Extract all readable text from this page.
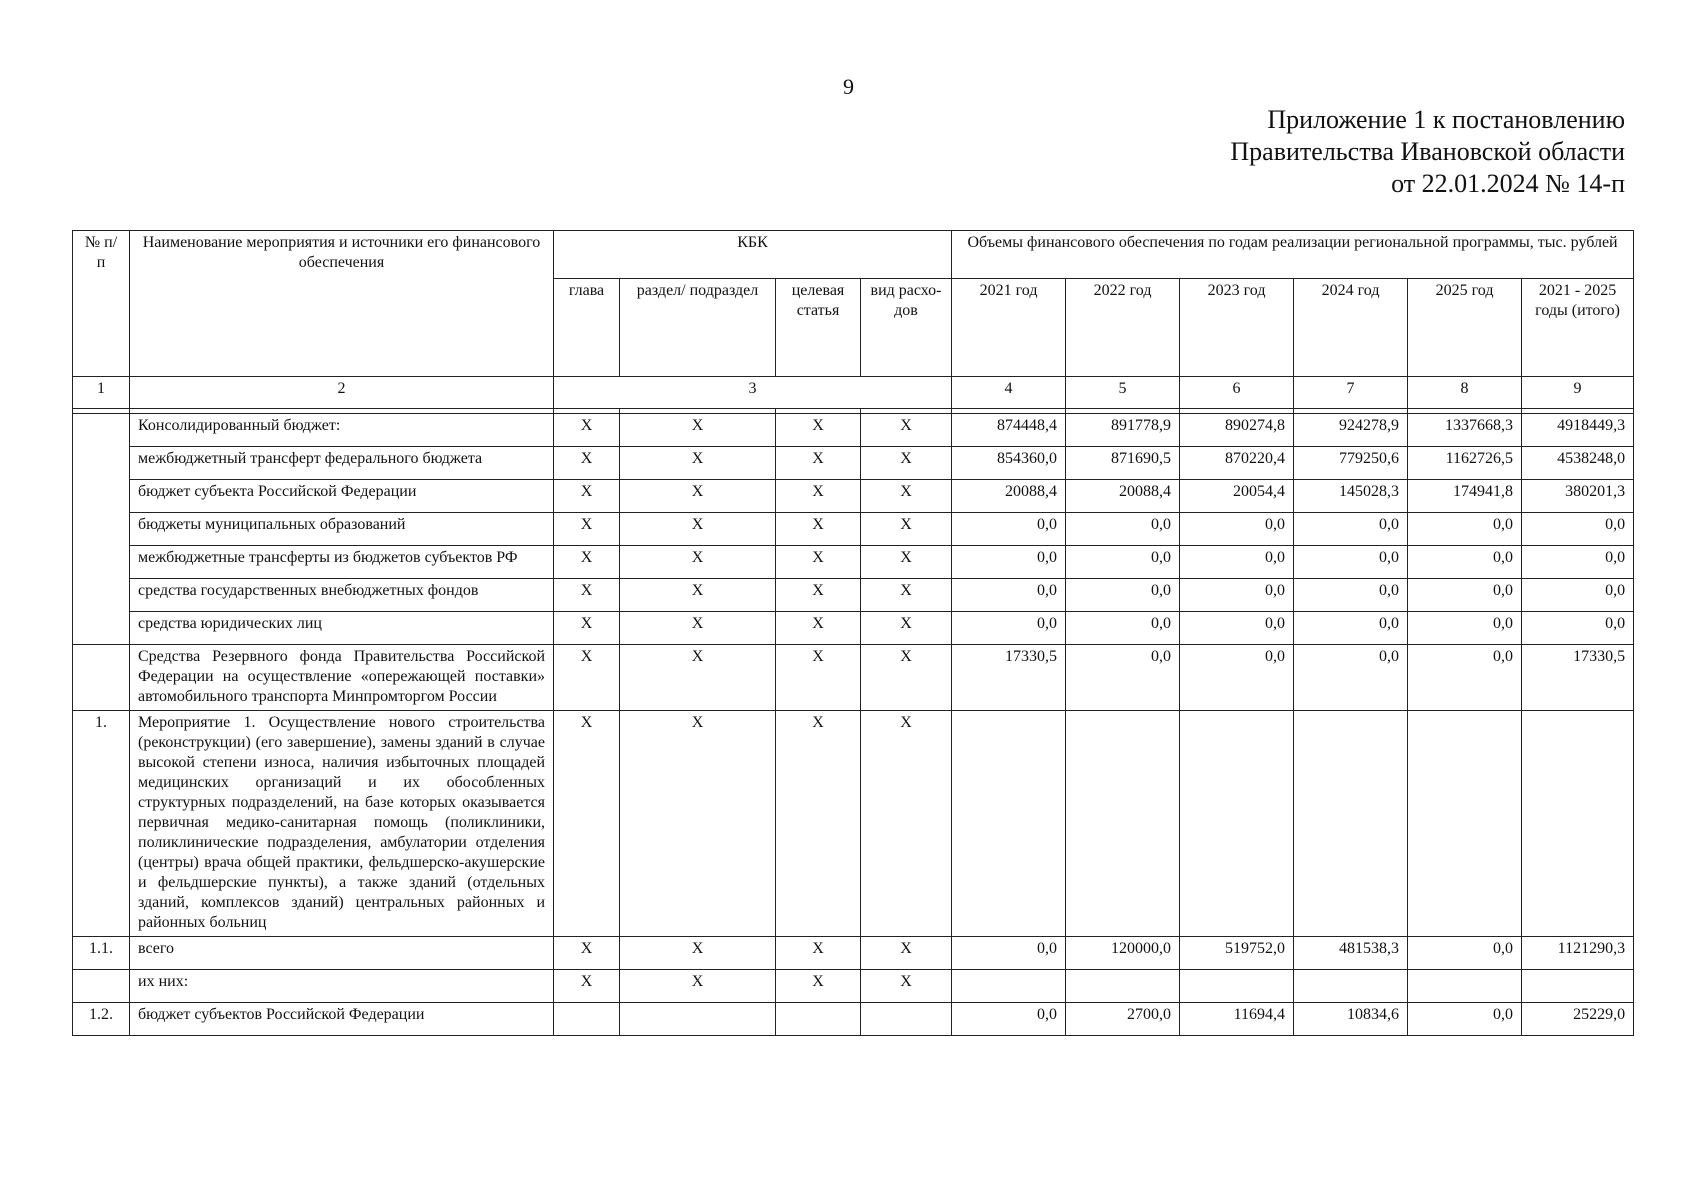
9
Приложение 1 к постановлению
Правительства Ивановской области
от 22.01.2024 № 14-п
№ п/п	Наименование мероприятия и источники его финансового обеспечения	КБК				Объемы финансового обеспечения по годам реализации региональной программы, тыс. рублей					
		глава	раздел/ подраздел	целевая статья	вид расхо-дов	2021 год	2022 год	2023 год	2024 год	2025 год	2021 - 2025 годы (итого)
1	2	3				4	5	6	7	8	9

	Консолидированный бюджет:	Х	Х	Х	Х	874448,4	891778,9	890274,8	924278,9	1337668,3	4918449,3
	межбюджетный трансферт федерального бюджета	Х	Х	Х	Х	854360,0	871690,5	870220,4	779250,6	1162726,5	4538248,0
	бюджет субъекта Российской Федерации	Х	Х	Х	Х	20088,4	20088,4	20054,4	145028,3	174941,8	380201,3
	бюджеты муниципальных образований	Х	Х	Х	Х	0,0	0,0	0,0	0,0	0,0	0,0
	межбюджетные трансферты из бюджетов субъектов РФ	Х	Х	Х	Х	0,0	0,0	0,0	0,0	0,0	0,0
	средства государственных внебюджетных фондов	Х	Х	Х	Х	0,0	0,0	0,0	0,0	0,0	0,0
	средства юридических лиц	Х	Х	Х	Х	0,0	0,0	0,0	0,0	0,0	0,0
	Средства Резервного фонда Правительства Российской Федерации на осуществление «опережающей поставки» автомобильного транспорта Минпромторгом России	Х	Х	Х	Х	17330,5	0,0	0,0	0,0	0,0	17330,5
1.	Мероприятие 1. Осуществление нового строительства (реконструкции) (его завершение), замены зданий в случае высокой степени износа, наличия избыточных площадей медицинских организаций и их обособленных структурных подразделений, на базе которых оказывается первичная медико-санитарная помощь (поликлиники, поликлинические подразделения, амбулатории отделения (центры) врача общей практики, фельдшерско-акушерские и фельдшерские пункты), а также зданий (отдельных зданий, комплексов зданий) центральных районных и районных больниц	Х	Х	Х	Х						
1.1.	всего	Х	Х	Х	Х	0,0	120000,0	519752,0	481538,3	0,0	1121290,3
	их них:	Х	Х	Х	Х						
1.2.	бюджет субъектов Российской Федерации					0,0	2700,0	11694,4	10834,6	0,0	25229,0
